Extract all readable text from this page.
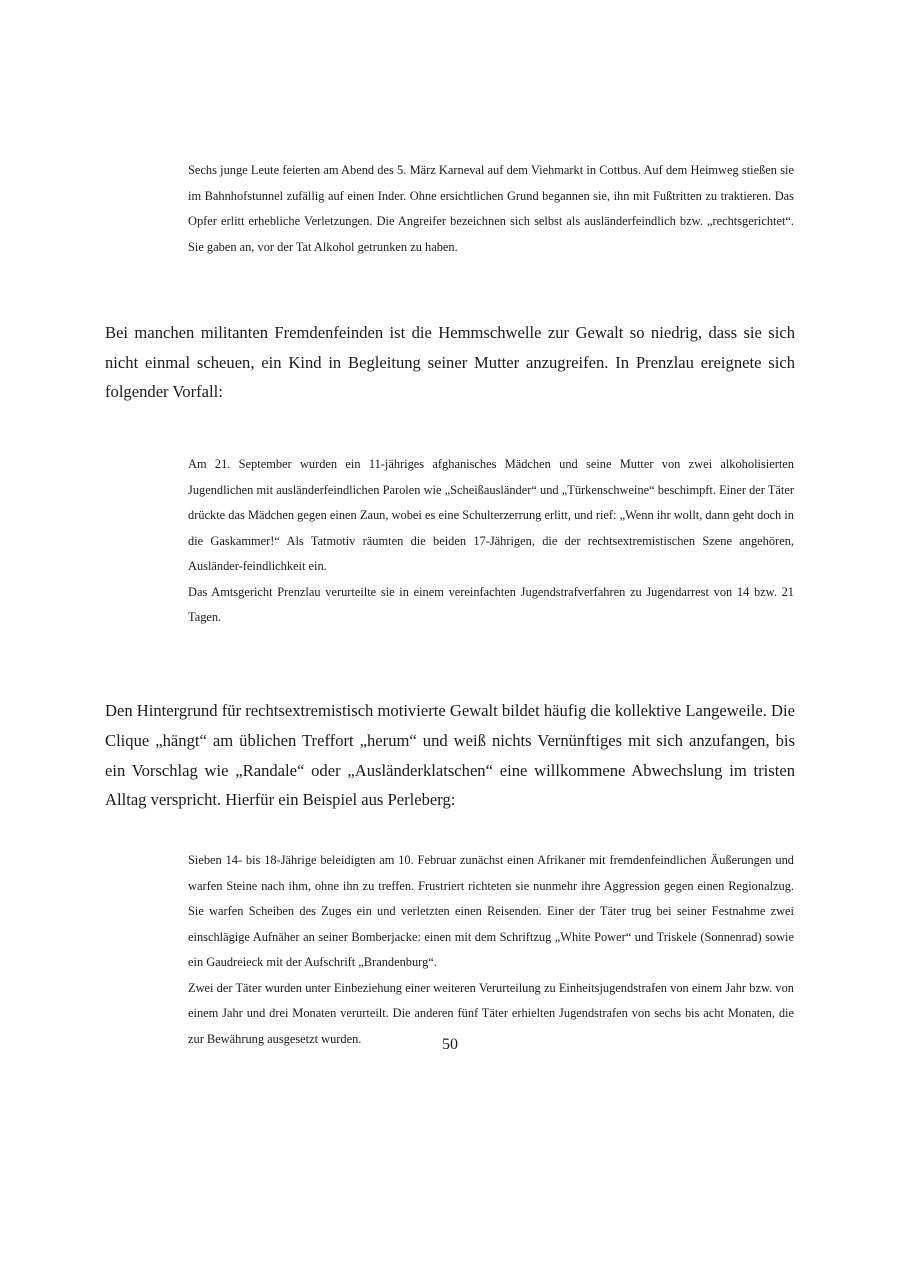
Sechs junge Leute feierten am Abend des 5. März Karneval auf dem Viehmarkt in Cottbus. Auf dem Heimweg stießen sie im Bahnhofstunnel zufällig auf einen Inder. Ohne ersichtlichen Grund begannen sie, ihn mit Fußtritten zu traktieren. Das Opfer erlitt erhebliche Verletzungen. Die Angreifer bezeichnen sich selbst als ausländerfeindlich bzw. „rechtsgerichtet“. Sie gaben an, vor der Tat Alkohol getrunken zu haben.

Bei manchen militanten Fremdenfeinden ist die Hemmschwelle zur Gewalt so niedrig, dass sie sich nicht einmal scheuen, ein Kind in Begleitung seiner Mutter anzugreifen. In Prenzlau ereignete sich folgender Vorfall:

Am 21. September wurden ein 11-jähriges afghanisches Mädchen und seine Mutter von zwei alkoholisierten Jugendlichen mit ausländerfeindlichen Parolen wie „Scheißausländer“ und „Türkenschweine“ beschimpft. Einer der Täter drückte das Mädchen gegen einen Zaun, wobei es eine Schulterzerrung erlitt, und rief: „Wenn ihr wollt, dann geht doch in die Gaskammer!“ Als Tatmotiv räumten die beiden 17-Jährigen, die der rechtsextremistischen Szene angehören, Ausländer-feindlichkeit ein.

Das Amtsgericht Prenzlau verurteilte sie in einem vereinfachten Jugendstrafverfahren zu Jugendarrest von 14 bzw. 21 Tagen.

Den Hintergrund für rechtsextremistisch motivierte Gewalt bildet häufig die kollektive Langeweile. Die Clique „hängt“ am üblichen Treffort „herum“ und weiß nichts Vernünftiges mit sich anzufangen, bis ein Vorschlag wie „Randale“ oder „Ausländerklatschen“ eine willkommene Abwechslung im tristen Alltag verspricht. Hierfür ein Beispiel aus Perleberg:

Sieben 14- bis 18-Jährige beleidigten am 10. Februar zunächst einen Afrikaner mit fremdenfeindlichen Äußerungen und warfen Steine nach ihm, ohne ihn zu treffen. Frustriert richteten sie nunmehr ihre Aggression gegen einen Regionalzug. Sie warfen Scheiben des Zuges ein und verletzten einen Reisenden. Einer der Täter trug bei seiner Festnahme zwei einschlägige Aufnäher an seiner Bomberjacke: einen mit dem Schriftzug „White Power“ und Triskele (Sonnenrad) sowie ein Gaudreieck mit der Aufschrift „Brandenburg“.

Zwei der Täter wurden unter Einbeziehung einer weiteren Verurteilung zu Einheitsjugendstrafen von einem Jahr bzw. von einem Jahr und drei Monaten verurteilt. Die anderen fünf Täter erhielten Jugendstrafen von sechs bis acht Monaten, die zur Bewährung ausgesetzt wurden.	50
